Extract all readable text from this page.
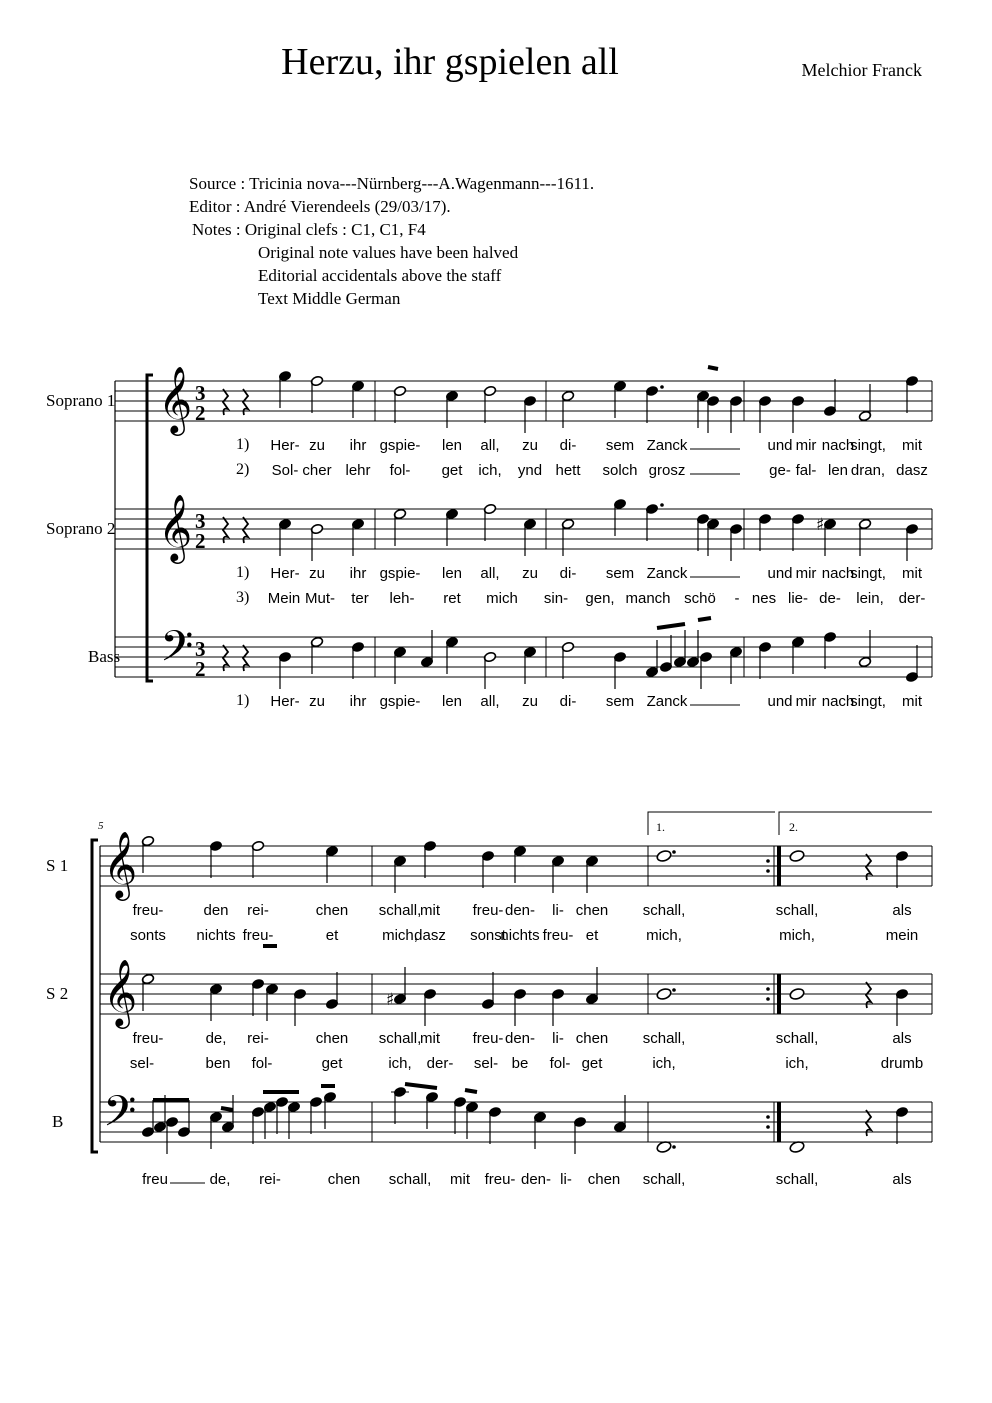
Herzu, ihr gspielen all	Melchior Franck
Source : Tricinia nova---Nürnberg---A.Wagenmann---1611.
Editor : André Vierendeels (29/03/17).
Notes : Original clefs : C1, C1, F4
Original note values have been halved
Editorial accidentals above the staff
Text Middle German
Soprano 1
Soprano 2
Bass
S 1
S 2
B
5	1.	2.
𝄞
𝄞
𝄢
3
2
3
2
3
2
♯
𝄞
𝄞
𝄢
♯
1) Her- zu ihr gspie- len all, zu di- sem Zanck	und mir nach
singt, mit
2) Sol- cher lehr fol- get ich, ynd hett solch grosz	ge- fal- len dran, dasz
1) Her- zu ihr gspie- len all, zu di- sem Zanck	und mir nach
singt, mit
3) Mein Mut- ter leh- ret mich sin- gen, manch schö - nes lie- de- lein, der-
1) Her- zu ihr gspie- len all, zu di- sem Zanck	und mir nach
singt, mit
freu-	den rei-	chen schall,
mit freu- den- li- chen schall,	schall,	als
sonts nichts freu-	et	mich,
dasz sonst
nichts freu- et	mich,	mich,	mein
freu-	de, rei-	chen schall,
mit freu- den- li- chen schall,	schall,	als
sel-	ben fol-	get	ich, der- sel- be fol- get	ich,	ich,	drumb
freu	de, rei-	chen schall, mit freu- den- li- chen schall,	schall,	als
